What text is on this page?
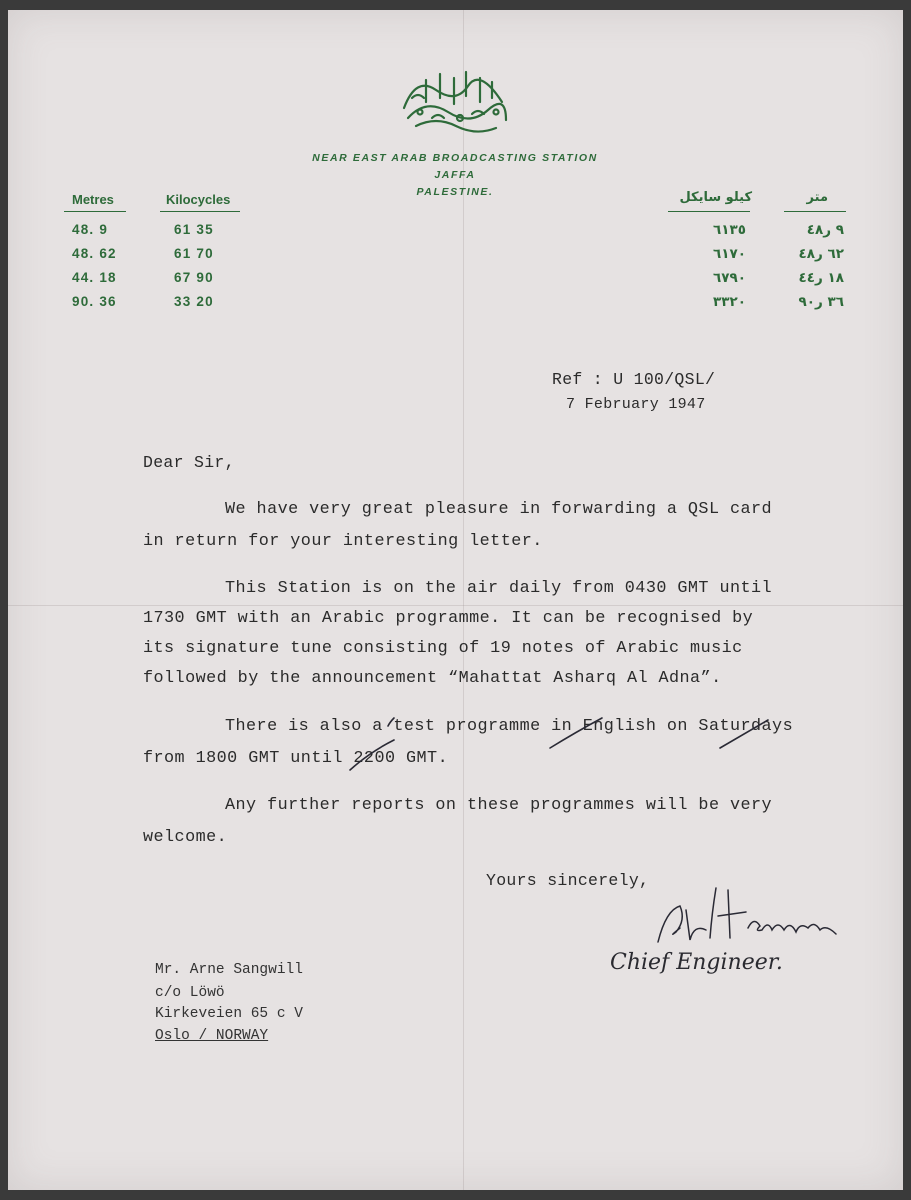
NEAR EAST ARAB BROADCASTING STATION
JAFFA
PALESTINE.
Metres	Kilocycles	كيلو سايكل	متر
48. 9	61 35	٦١٣٥	٩ ر٤٨
48. 62	61 70	٦١٧٠	٦٢ ر٤٨
44. 18	67 90	٦٧٩٠	١٨ ر٤٤
90. 36	33 20	٣٣٢٠	٣٦ ر٩٠
Ref : U 100/QSL/
7 February 1947
Dear Sir,
We have very great pleasure in forwarding a QSL card
in return for your interesting letter.
This Station is on the air daily from 0430 GMT until
1730 GMT with an Arabic programme. It can be recognised by
its signature tune consisting of 19 notes of Arabic music
followed by the announcement “Mahattat Asharq Al Adna”.
There is also a test programme in English on Saturdays
from 1800 GMT until 2200 GMT.
Any further reports on these programmes will be very
welcome.
Yours sincerely,
Chief Engineer.
Mr. Arne Sangwill
c/o Löwö
Kirkeveien 65 c V
Oslo / NORWAY
